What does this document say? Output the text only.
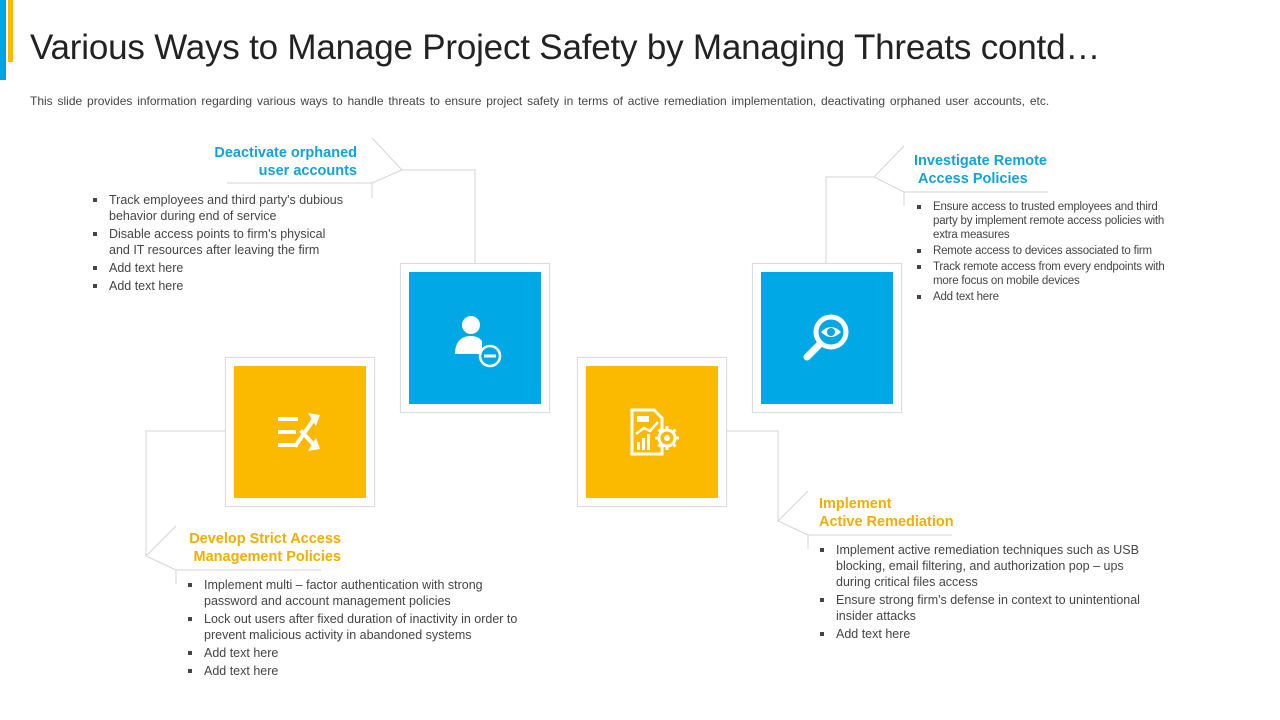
Various Ways to Manage Project Safety by Managing Threats contd…
This slide provides information regarding various ways to handle threats to ensure project safety in terms of active remediation implementation, deactivating orphaned user accounts, etc.
Deactivate orphaned
user accounts
Track employees and third party's dubious
behavior during end of service
Disable access points to firm's physical
and IT resources after leaving the firm
Add text here
Add text here
Investigate Remote
Access Policies
Ensure access to trusted employees and third
party by implement remote access policies with
extra measures
Remote access to devices associated to firm
Track remote access from every endpoints with
more focus on mobile devices
Add text here
Develop Strict Access
Management Policies
Implement multi – factor authentication with strong
password and account management policies
Lock out users after fixed duration of inactivity in order to
prevent malicious activity in abandoned systems
Add text here
Add text here
Implement
Active Remediation
Implement active remediation techniques such as USB
blocking, email filtering, and authorization pop – ups
during critical files access
Ensure strong firm's defense in context to unintentional
insider attacks
Add text here
